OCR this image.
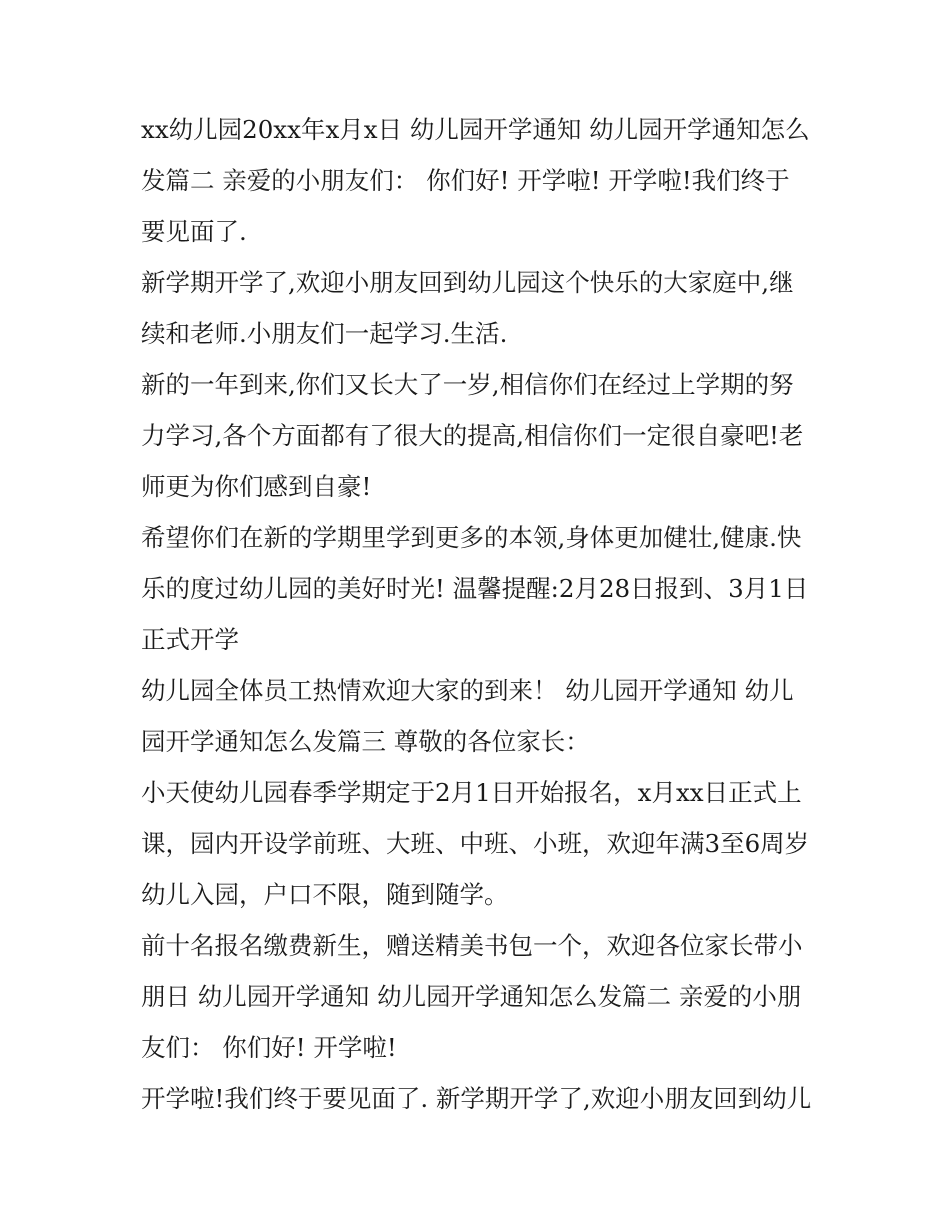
xx幼儿园20xx年x月x日 幼儿园开学通知 幼儿园开学通知怎么发篇二 亲爱的小朋友们： 你们好! 开学啦! 开学啦!我们终于要见面了.

新学期开学了,欢迎小朋友回到幼儿园这个快乐的大家庭中,继续和老师.小朋友们一起学习.生活.

新的一年到来,你们又长大了一岁,相信你们在经过上学期的努力学习,各个方面都有了很大的提高,相信你们一定很自豪吧!老师更为你们感到自豪!

希望你们在新的学期里学到更多的本领,身体更加健壮,健康.快乐的度过幼儿园的美好时光! 温馨提醒:2月28日报到、3月1日正式开学

幼儿园全体员工热情欢迎大家的到来！ 幼儿园开学通知 幼儿园开学通知怎么发篇三 尊敬的各位家长：

小天使幼儿园春季学期定于2月1日开始报名，x月xx日正式上课，园内开设学前班、大班、中班、小班，欢迎年满3至6周岁幼儿入园，户口不限，随到随学。

前十名报名缴费新生，赠送精美书包一个，欢迎各位家长带小朋日 幼儿园开学通知 幼儿园开学通知怎么发篇二 亲爱的小朋友们： 你们好! 开学啦!

开学啦!我们终于要见面了. 新学期开学了,欢迎小朋友回到幼儿
